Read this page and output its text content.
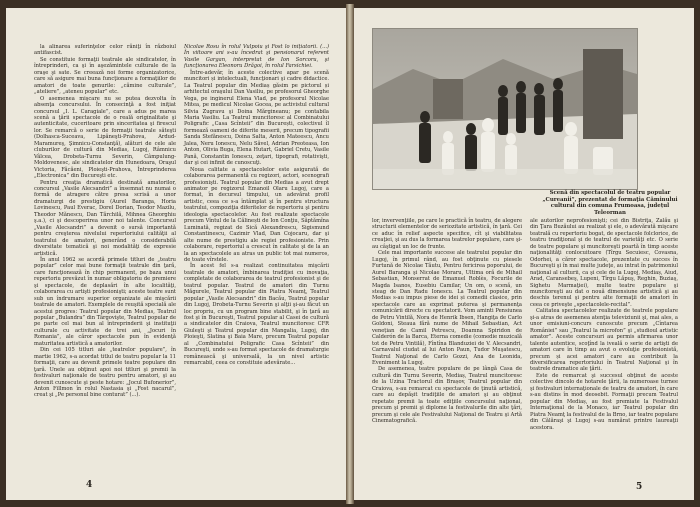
la alinarea suferinţelor celor răniţi în războiul antifascist.

Se constituie formaţii teatrale ale sindicatelor, în întreprinderi, ca şi în aşezămintele culturale de la oraşe şi sate. Se creează noi forme organizatorice, care să asigure mai buna funcţionare a formaţiilor de amatori de toate genurile: „cămine culturale”, „ateliere”, „ateneu popular” etc.

O asemenea mişcare nu se putea dezvolta în absenţa concursului. În consecinţă a fost iniţiat concursul „I. L. Caragiale”, care a adus pe marea scenă a ţării spectacole de o reală originalitate şi autenticitate, cuceritoare prin sinceritatea şi firescul lor. Se remarcă o serie de formaţii teatrale săteşti (Dolhasca-Suceava, Lipăneşti-Prahova, Ardud-Maramureş, Şimnicu-Constanţă), alături de cele ale cluburilor de cultură din Medias, Lugoj, Râmnicu Vâlcea, Drobeta-Turnu Severin, Câmpulung-Moldovenesc, ale sindicatelor din Hunedoara, Oraşul Victoria, Făcăeni, Ploieşti-Prahova, Întreprinderea „Electronica” din Bucureşti etc.

Pentru creaţia dramatică destinată amatorilor, concursul „Vasile Alecsandri” a însemnat nu numai o formă de atragere către presa scrisă a unor dramaturgi de prestigiu (Aurel Baranga, Horia Lovinescu, Paul Everac, Dorel Dorian, Teodor Mazilu, Theodor Mănescu, Dan Tărchilă, Mihnea Gheorghiu ş.a.), ci şi descoperirea unor noi talente. Concursul „Vasile Alecsandri” a devenit o sursă importantă pentru creşterea nivelului repertoriului calităţii al teatrului de amatori, generând o considerabilă diversitate tematică şi noi modalităţi de expresie artistică.

În anul 1962 se acordă primele titluri de „teatru popular” celor mai bune formaţii teatrale din ţară, care funcţionează în chip permanent, pe baza unui repertoriu prevăzut în numar obligatoriu de premiere şi spectacole, de deplasări în alte localităţi, colaborarea cu artişti profesionişti; aceste teatre sunt sub un îndrumare superior organizate ale mişcării teatrale de amatori. Exemplele de reuşită specială ale acestui progres: Teatrul popular din Medias, Teatrul popular „Bulandra” din Târgovişte, Teatrul popular de pe parte cel mai bun al întreprinderii şi instituţii culturale cu activitate de trei ani, „Jocuri în Romania”, ale căror spectacole pun în evidenţă maturitatea artistică a amatorilor.

Din cei 105 titluri ale „teatrelor populare”, în martie 1962, s-a acordat titlul de teatru popular la 11 formaţii, care au devenit primele teatre populare din ţară. Unele au obţinut apoi noi titluri şi premii la festivaluri naţionale de teatru pentru amatori, şi au devenit cunoscute şi peste hotare: „Jocul Bufonerior”, Anton Fillmon în rolul Nastasia şi „Fost nacarul”, creat şi „Pe personul bine conturat” (...).

Nicolae Rosu în rolul Vulpoiu şi Fost lo inițiatorii. (...) În viitoare ani s-au încedrat şi pensionarul referent Vasile Gargan, interpretat de Ion Sorcoru, şi funcţionarea Eleonoru Drăgoi, în rolul Farsichiei.

Între-adevăr, în aceste colective apar pe scenă muncitori și intelectuali, funcţionari şi cadre didactice. La Teatrul popular din Mediaș găsim pe pictorul și arhitectul oraşului Dan Vasiliu, pe profesorul Gheorghe Vega, pe inginerul Elena Vlad, pe profesorul Nicolae Mitea, pe medicul Nicolae Gocea, pe activistul cultural Silvia Zugravu şi Doina Mărgineanu; pe contabila Maria Vasiliu. La Teatrul muncitoresc al Combinatului Poligrafic „Casa Scînteii” din București, colectivul îl formează oameni de diferite meserii, precum tipografii Sanda Stefănescu, Doina Salta, Anton Mateescu, Ancu Jalea, Neru Ionescu, Nelu Săvel, Adrian Preoteasa, Ion Anton, Olivia Buga, Elena Hutart, Gabriel Cretu, Vasile Pană, Constantin Ionescu, zeţari, tipografi, rotativişti, dar şi cei infinit de cunoscuţi.

Noua calitate a spectacolelor este asigurată de colaborarea permanentă cu regizori, actori, scenografi profesionişti. Teatrul popular din Medias a avut drept animator pe regizorul Emanoil Olaru Lugoj, care a format, în decursul timpului, un adevărat profil artistic, ceea ce s-a întâmplat şi în pentru structura teatrului, compoziţia diferitelor de repertoriu şi pentru ideologia spectacolelor. Au fost realizate spectacole precum Vîntul de la Călinești de Ion Conţiu, Săptămîna Luminată, regizat de Sică Alexandrescu, Sigismund Constantinescu, Cazimir Vlad, Dan Cojocaru, dar şi alte nume de prestigiu ale regiei profesioniste. Prin colaborare, repertoriul a crescut în calitate şi de la an la an spectacolele au atras un public tot mai numeros, de toate vîrstele.

În acest fel s-a realizat continuitatea mişcării teatrale de amatori, îmbinarea tradiţiei cu inovaţia, completate de colaborarea de teatrul profesionist şi de teatrul popular. Teatrul de amatori din Turnu Măgurele, Teatrul popular din Piatra Neamţ, Teatrul popular „Vasile Alecsandri” din Bacău, Teatrul popular din Lugoj, Drobeta-Turnu Severin şi alţii şi-au făcut un loc propriu, cu un program bine stabilit, şi în ţară au fost şi în Bucureşti, Teatrul popular al Casei de cultură a sindicatelor din Craiova, Teatrul muncitoresc CFR Giuleşti şi Teatrul popular din Mangalia, Lugoj, din Ploieşti, Slatina şi Baia Mare, precum Teatrul popular al „Combinatului Poligrafic Casa Scînteii” din Bucureşti, unde s-au format spectacole de dramaturgie românească şi universală, la un nivel artistic remarcabil, ceea ce constituie adevărate...

4
Scenă din spectacolul de teatru popular „Cureanii”, prezentat de formaţia Căminului cultural din comuna Frumoasa, județul Teleorman

lor, invervenţiile, pe care le practică în teatru, de alegere structurii elementelor de seriozitate artistică, în ţară. Cei ce aduc în relief aspecte specifice, cît şi viabilitatea creaţiei, şi au dus la formarea teatrelor populare, care şi-au câştigat un loc de frunte.

Cele mai importante succese ale teatrului popular din Lugoj, în primul rând, au fost obţinute cu piesele Furtună de Nicolae Tăutu, Pentru fericirea poporului, de Aurel Baranga şi Nicolae Moraru, Ultima oră de Mihail Sebastian, Monserrat de Emanuel Roblès, Focurile de Magda Isanos, Eusebiu Camilar, Un om, o scenă, un steag de Dan Radu Ionescu. La Teatrul popular din Medias s-au impus piese de idei și comedii clasice, prin spectacole care au exprimat puterea şi permanenţa comunicării directe cu spectatorii. Vom aminti Pensiunea de Petru Vintilă, Nora de Henrik Ibsen, Hangiţa de Carlo Goldoni, Steaua fără nume de Mihail Sebastian, Act venețian de Camil Petrescu, Doamna Spiridon de Calderón de la Barca, Eterna comedie (comedie muzicală tot de Petru Vintilă), Fîntîna Blanduziei de V. Alecsandri, Carnavalul ciudat al lui Anton Paun, Tudor Muşatescu, Teatrul Naţional de Carlo Gozzi, Ana de Leonida, Eveniment la Lugoj.

De asemenea, teatre populare de pe lângă Casa de cultură din Turnu Severin, Mediaș, Teatrul muncitoresc de la Uzina Tractorul din Brașov, Teatrul popular din Craiova, s-au remarcat cu spectacole de ţinută artistică, care au depăşit tradiţiile de amatori şi au obţinut repetate premii la toate ediţiile concursului naţional, precum şi premii şi diplome la festivalurile din alte ţări, precum şi cele ale Festivalului Naţional de Teatru şi Artă Cinematografică.

ale autorilor neprofesionişti; cei din Bistriţa, Zalău şi din Ţara Buzăului au realizat şi ele, o adevărată mişcare teatrală cu repertoriu bogat, de spectacole folclorice, de teatru tradiţional şi de teatrul de varietăţi etc. O serie de teatre populare şi muncitoreşti poartă în timp aceste naţionalităţi conlocuitoare (Tîrgu Secuiesc, Covasna, Odorhei, a căror spectacole, prezentate cu succes în Bucureşti şi în mai multe judeţe, au intrat în patrimoniul naţional al culturii, ca şi cele de la Lugoj, Mediaș, Aiud, Arad, Caransebeş, Lupeni, Tîrgu Lăpuş, Reghin, Buziaş, Sighetu Marmaţiei), multe teatre populare şi muncitoreşti au dat o nouă dimensiune artistică şi au deschis terenul şi pentru alte formaţii de amatori în ceea ce priveşte „spectacolele-recital”.

Calitatea spectacolelor realizate de teatrele populare şi-a atras de asemenea atenţia televiziunii şi, mai ales, a unor emisiuni-concurs cunoscute precum „Cîntarea României” sau „Teatrul la microfon” şi „studioul artistic amator”. Aceste concursuri au permis afirmarea unor talente autentice, scoţînd la iveală o serie de artişti de amatori care în timp au avut o evoluţie profesionistă, precum și acei amatori care au contribuit la diversificarea repertoriului în Teatrul Naţional şi în teatrele dramatice ale ţării.

Este de remarcat şi succesul obţinut de aceste colective dincolo de hotarele ţării, la numeroase turnee şi festivaluri internaţionale de teatru de amatori, în care s-au distins în mod deosebit. Formaţii precum Teatrul popular din Mediaș, au fost premiate la Festivalul Internaţional de la Monaco, iar Teatrul popular din Piatra Neamţ la festivalul de la Brno, iar teatre populare din Călăraşi şi Lugoj s-au numărat printre laureaţii acestora.

5
